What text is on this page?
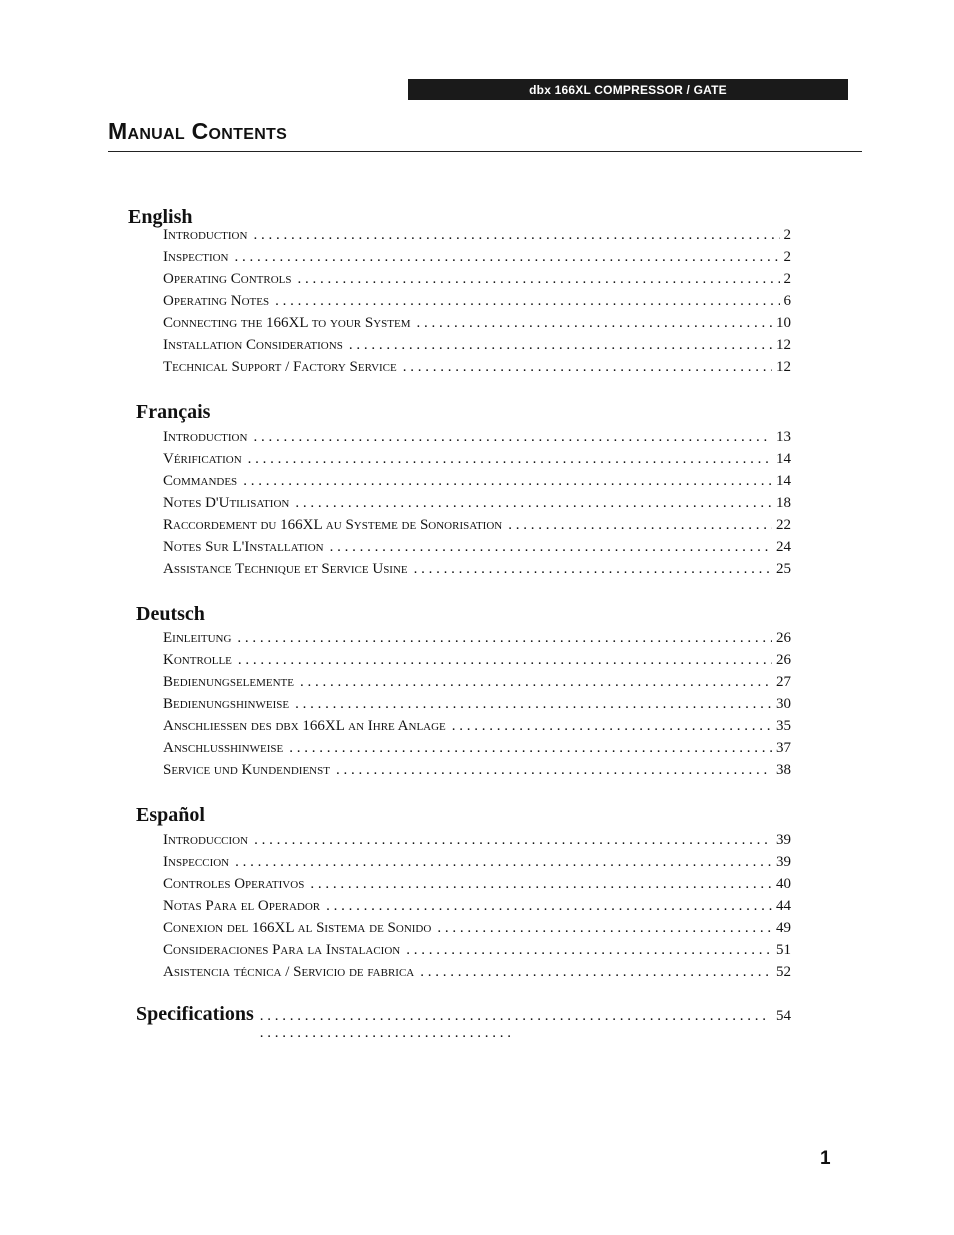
dbx 166XL COMPRESSOR / GATE
Manual Contents
English
Introduction . . .	2
Inspection . . .	2
Operating Controls . . .	2
Operating Notes . . .	6
Connecting the 166XL to your System . . .	10
Installation Considerations . . .	12
Technical Support / Factory Service . . .	12
Français
Introduction . . .	13
Vérification . . .	14
Commandes . . .	14
Notes D'Utilisation . . .	18
Raccordement du 166XL au Systeme de Sonorisation . . .	22
Notes Sur L'Installation . . .	24
Assistance Technique et Service Usine . . .	25
Deutsch
Einleitung . . .	26
Kontrolle . . .	26
Bedienungselemente . . .	27
Bedienungshinweise . . .	30
Anschließen des dbx 166XL an Ihre Anlage . . .	35
Anschlußhinweise . . .	37
Service und Kundendienst . . .	38
Español
Introduccion . . .	39
Inspeccion . . .	39
Controles Operativos . . .	40
Notas Para el Operador . . .	44
Conexion del 166XL al Sistema de Sonido . . .	49
Consideraciones Para la Instalacion . . .	51
Asistencia técnica / Servicio de fabrica . . .	52
Specifications . . .	54
1
